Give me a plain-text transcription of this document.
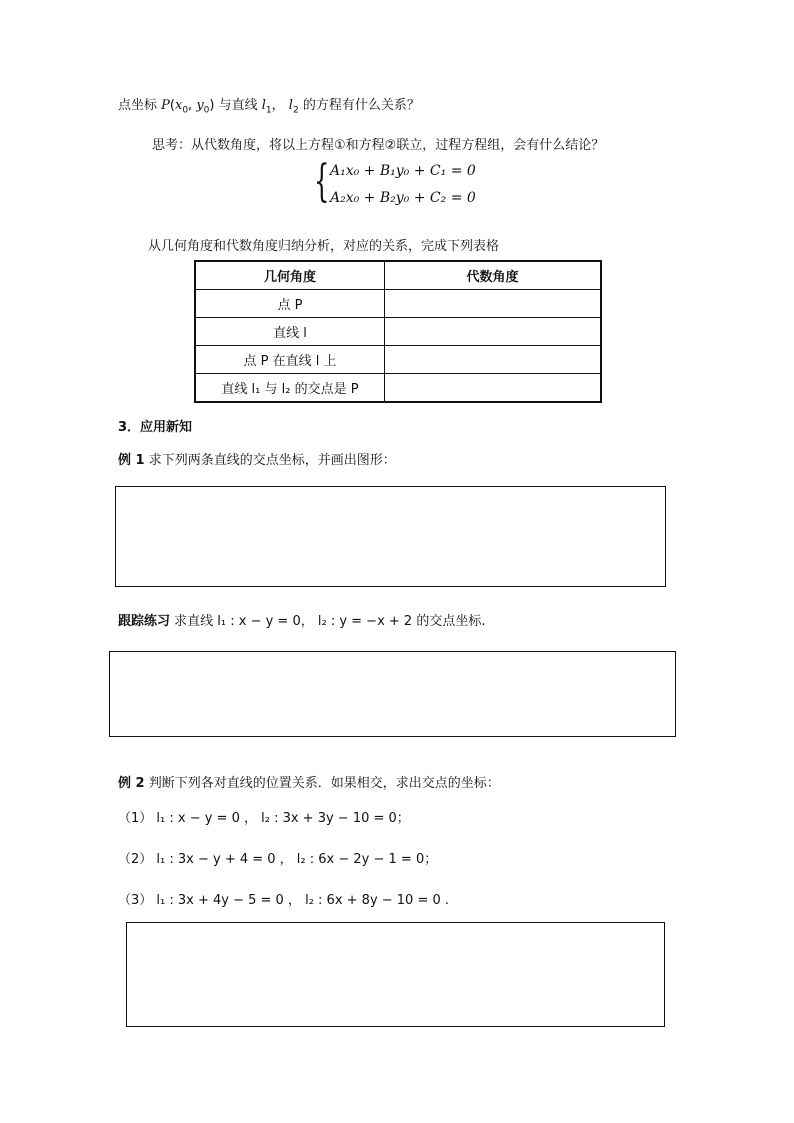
点坐标 $P(x_0$, $y_0$) 与直线 $l_1$， $l_2$ 的方程有什么关系？
思考：从代数角度，将以上方程①和方程②联立，过程方程组，会有什么结论？
{ A₁x₀ + B₁y₀ + C₁ = 0
A₂x₀ + B₂y₀ + C₂ = 0
从几何角度和代数角度归纳分析，对应的关系，完成下列表格
几何角度	代数角度
点 P	
直线 l	
点 P 在直线 l 上	
直线 l₁ 与 l₂ 的交点是 P	
3．应用新知
例 1 求下列两条直线的交点坐标，并画出图形：
跟踪练习 求直线 l₁ : x − y = 0， l₂ : y = −x + 2 的交点坐标.
例 2 判断下列各对直线的位置关系．如果相交，求出交点的坐标：
（1） l₁ : x − y = 0 ， l₂ : 3x + 3y − 10 = 0；
（2） l₁ : 3x − y + 4 = 0 ， l₂ : 6x − 2y − 1 = 0；
（3） l₁ : 3x + 4y − 5 = 0 ， l₂ : 6x + 8y − 10 = 0 .
